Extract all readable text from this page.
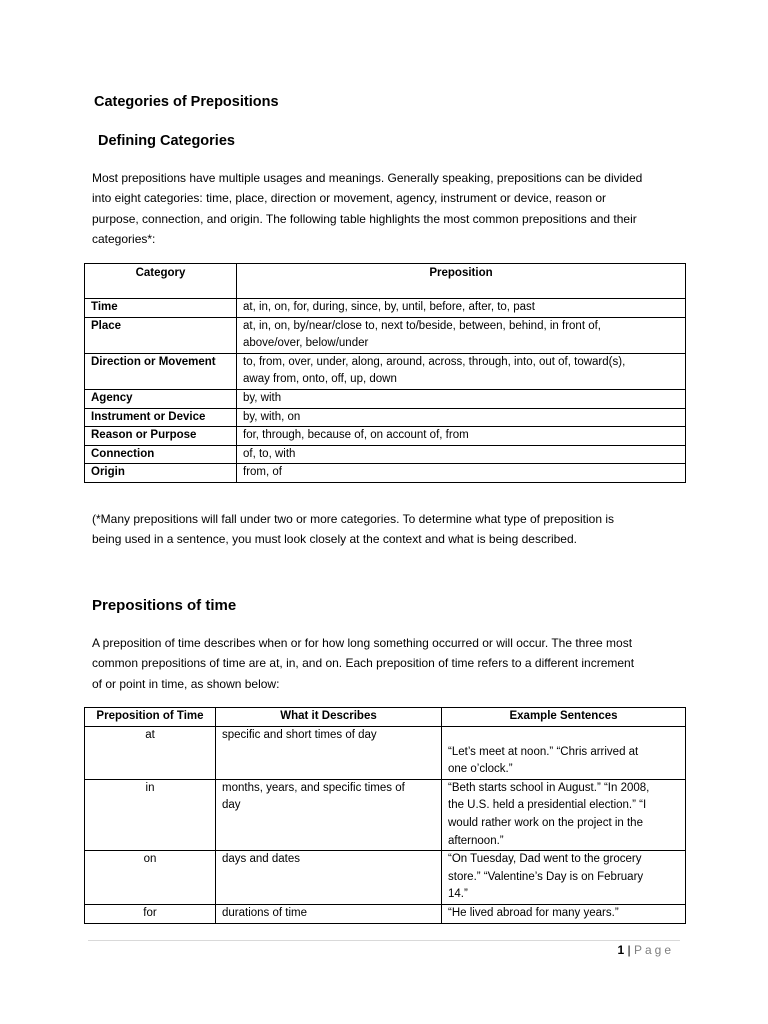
Categories of Prepositions
Defining Categories

Most prepositions have multiple usages and meanings. Generally speaking, prepositions can be divided
into eight categories: time, place, direction or movement, agency, instrument or device, reason or
purpose, connection, and origin. The following table highlights the most common prepositions and their
categories*:

Category	Preposition
Time	at, in, on, for, during, since, by, until, before, after, to, past
Place	at, in, on, by/near/close to, next to/beside, between, behind, in front of,
above/over, below/under
Direction or Movement	to, from, over, under, along, around, across, through, into, out of, toward(s),
away from, onto, off, up, down
Agency	by, with
Instrument or Device	by, with, on
Reason or Purpose	for, through, because of, on account of, from
Connection	of, to, with
Origin	from, of

(*Many prepositions will fall under two or more categories. To determine what type of preposition is
being used in a sentence, you must look closely at the context and what is being described.

Prepositions of time

A preposition of time describes when or for how long something occurred or will occur. The three most
common prepositions of time are at, in, and on. Each preposition of time refers to a different increment
of or point in time, as shown below:

Preposition of Time	What it Describes	Example Sentences
at	specific and short times of day	“Let’s meet at noon.” “Chris arrived at
one o’clock.”
in	months, years, and specific times of
day	“Beth starts school in August.” “In 2008,
the U.S. held a presidential election.” “I
would rather work on the project in the
afternoon.”
on	days and dates	“On Tuesday, Dad went to the grocery
store.” “Valentine’s Day is on February
14.”
for	durations of time	“He lived abroad for many years.”
1 | Page
